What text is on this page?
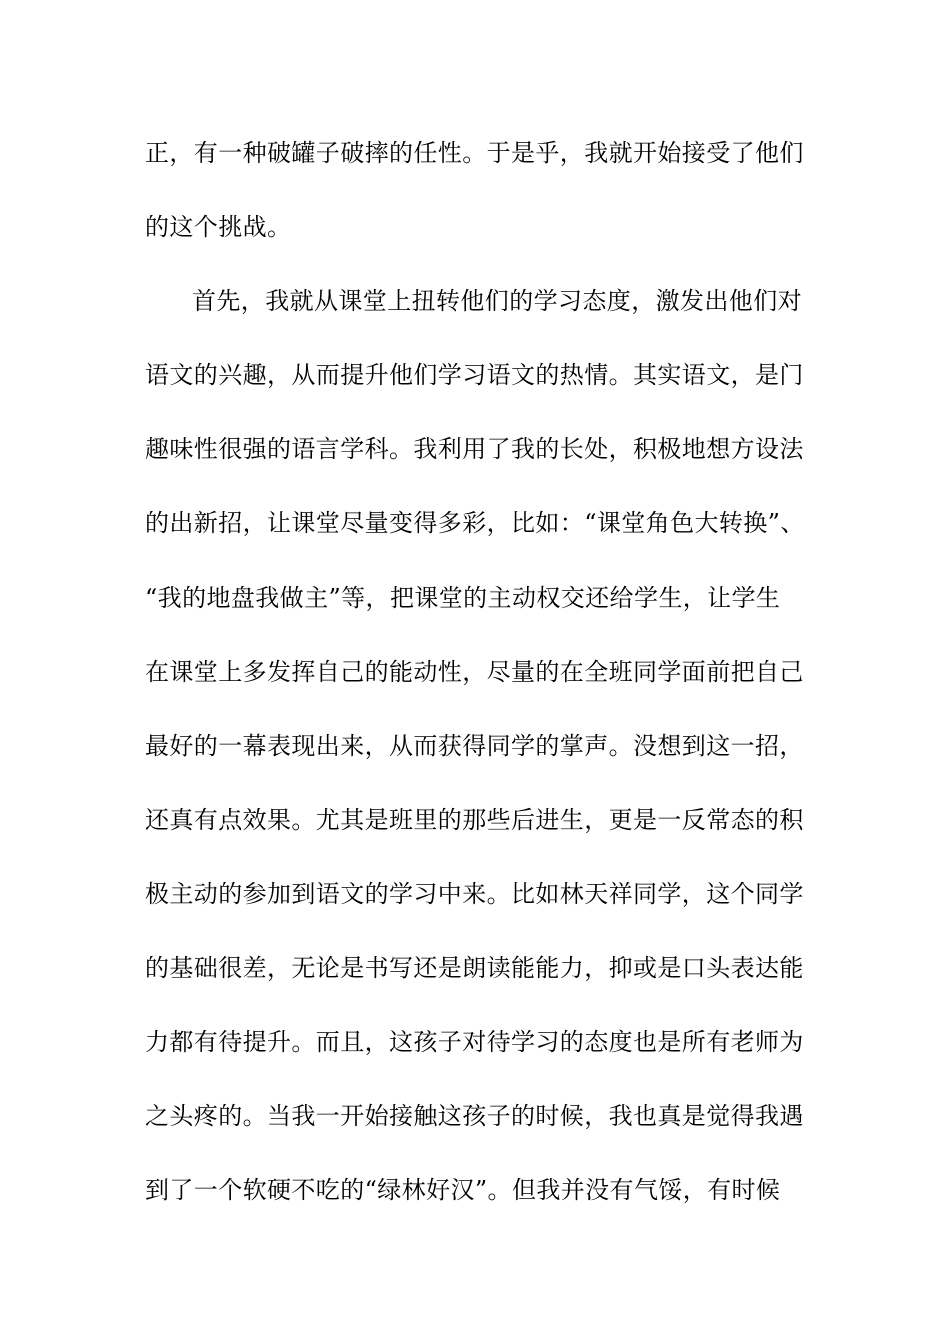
正，有一种破罐子破摔的任性。于是乎，我就开始接受了他们
的这个挑战。
首先，我就从课堂上扭转他们的学习态度，激发出他们对
语文的兴趣，从而提升他们学习语文的热情。其实语文，是门
趣味性很强的语言学科。我利用了我的长处，积极地想方设法
的出新招，让课堂尽量变得多彩，比如：“课堂角色大转换”、
“我的地盘我做主”等，把课堂的主动权交还给学生，让学生
在课堂上多发挥自己的能动性，尽量的在全班同学面前把自己
最好的一幕表现出来，从而获得同学的掌声。没想到这一招，
还真有点效果。尤其是班里的那些后进生，更是一反常态的积
极主动的参加到语文的学习中来。比如林天祥同学，这个同学
的基础很差，无论是书写还是朗读能能力，抑或是口头表达能
力都有待提升。而且，这孩子对待学习的态度也是所有老师为
之头疼的。当我一开始接触这孩子的时候，我也真是觉得我遇
到了一个软硬不吃的“绿林好汉”。但我并没有气馁，有时候
